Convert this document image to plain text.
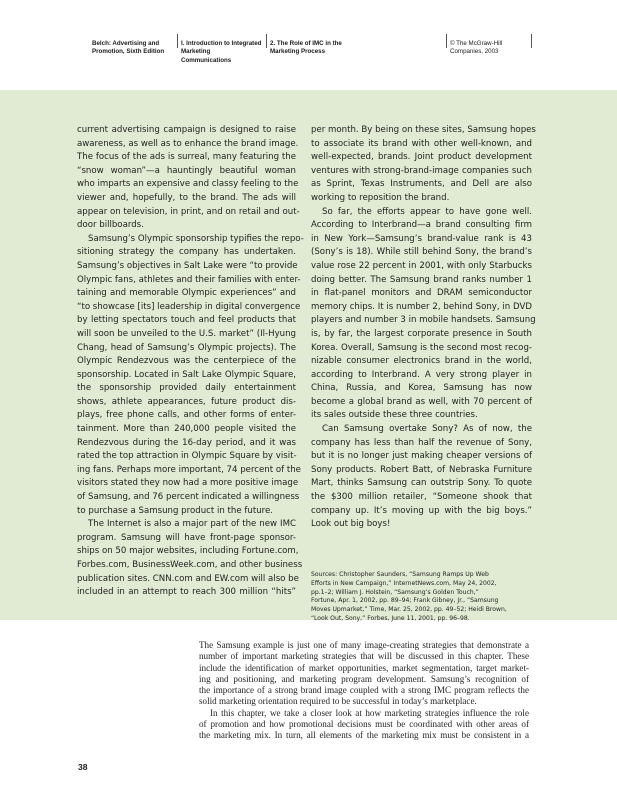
Belch: Advertising and
Promotion, Sixth Edition
I. Introduction to Integrated
Marketing
Communications
2. The Role of IMC in the
Marketing Process
© The McGraw-Hill
Companies, 2003
current advertising campaign is designed to raise
awareness, as well as to enhance the brand image.
The focus of the ads is surreal, many featuring the
“snow woman”—a hauntingly beautiful woman
who imparts an expensive and classy feeling to the
viewer and, hopefully, to the brand. The ads will
appear on television, in print, and on retail and out-
door billboards.
Samsung’s Olympic sponsorship typifies the repo-
sitioning strategy the company has undertaken.
Samsung’s objectives in Salt Lake were “to provide
Olympic fans, athletes and their families with enter-
taining and memorable Olympic experiences” and
“to showcase [its] leadership in digital convergence
by letting spectators touch and feel products that
will soon be unveiled to the U.S. market” (Il-Hyung
Chang, head of Samsung’s Olympic projects). The
Olympic Rendezvous was the centerpiece of the
sponsorship. Located in Salt Lake Olympic Square,
the sponsorship provided daily entertainment
shows, athlete appearances, future product dis-
plays, free phone calls, and other forms of enter-
tainment. More than 240,000 people visited the
Rendezvous during the 16-day period, and it was
rated the top attraction in Olympic Square by visit-
ing fans. Perhaps more important, 74 percent of the
visitors stated they now had a more positive image
of Samsung, and 76 percent indicated a willingness
to purchase a Samsung product in the future.
The Internet is also a major part of the new IMC
program. Samsung will have front-page sponsor-
ships on 50 major websites, including Fortune.com,
Forbes.com, BusinessWeek.com, and other business
publication sites. CNN.com and EW.com will also be
included in an attempt to reach 300 million “hits”
per month. By being on these sites, Samsung hopes
to associate its brand with other well-known, and
well-expected, brands. Joint product development
ventures with strong-brand-image companies such
as Sprint, Texas Instruments, and Dell are also
working to reposition the brand.
So far, the efforts appear to have gone well.
According to Interbrand—a brand consulting firm
in New York—Samsung’s brand-value rank is 43
(Sony’s is 18). While still behind Sony, the brand’s
value rose 22 percent in 2001, with only Starbucks
doing better. The Samsung brand ranks number 1
in flat-panel monitors and DRAM semiconductor
memory chips. It is number 2, behind Sony, in DVD
players and number 3 in mobile handsets. Samsung
is, by far, the largest corporate presence in South
Korea. Overall, Samsung is the second most recog-
nizable consumer electronics brand in the world,
according to Interbrand. A very strong player in
China, Russia, and Korea, Samsung has now
become a global brand as well, with 70 percent of
its sales outside these three countries.
Can Samsung overtake Sony? As of now, the
company has less than half the revenue of Sony,
but it is no longer just making cheaper versions of
Sony products. Robert Batt, of Nebraska Furniture
Mart, thinks Samsung can outstrip Sony. To quote
the $300 million retailer, “Someone shook that
company up. It’s moving up with the big boys.”
Look out big boys!
Sources: Christopher Saunders, “Samsung Ramps Up Web
Efforts in New Campaign,” InternetNews.com, May 24, 2002,
pp.1–2; William J. Holstein, “Samsung’s Golden Touch,”
Fortune, Apr. 1, 2002, pp. 89–94; Frank Gibney, Jr., “Samsung
Moves Upmarket,” Time, Mar. 25, 2002, pp. 49–52; Heidi Brown,
“Look Out, Sony,” Forbes, June 11, 2001, pp. 96–98.
The Samsung example is just one of many image-creating strategies that demonstrate a
number of important marketing strategies that will be discussed in this chapter. These
include the identification of market opportunities, market segmentation, target market-
ing and positioning, and marketing program development. Samsung’s recognition of
the importance of a strong brand image coupled with a strong IMC program reflects the
solid marketing orientation required to be successful in today’s marketplace.
In this chapter, we take a closer look at how marketing strategies influence the role
of promotion and how promotional decisions must be coordinated with other areas of
the marketing mix. In turn, all elements of the marketing mix must be consistent in a
38
